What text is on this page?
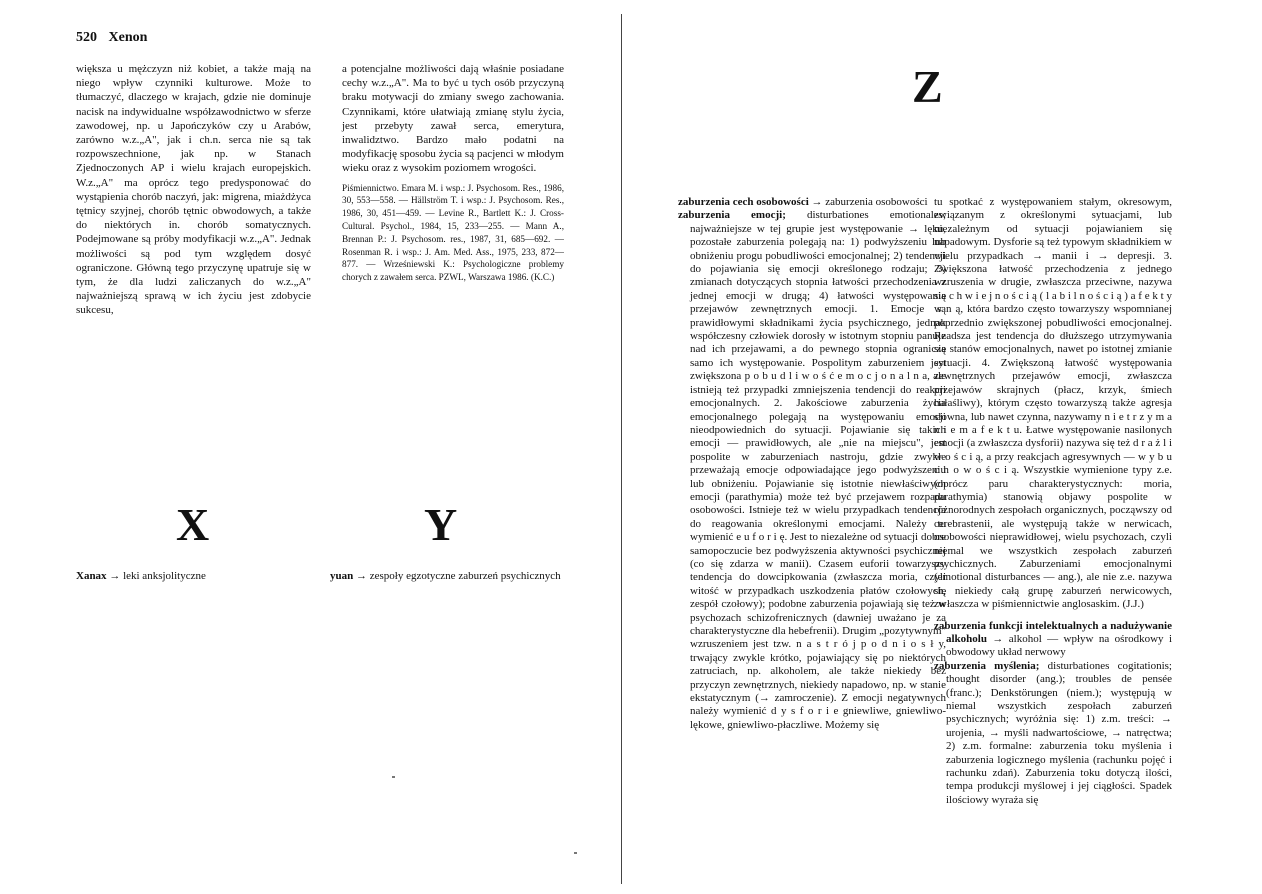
520 Xenon

większa u mężczyzn niż kobiet, a także mają na niego wpływ czynniki kulturowe. Może to tłumaczyć, dlaczego w krajach, gdzie nie dominuje nacisk na indywidualne współzawodnictwo w sferze zawodowej, np. u Japończyków czy u Arabów, zarówno w.z.„A", jak i ch.n. serca nie są tak rozpowszechnione, jak np. w Stanach Zjednoczonych AP i wielu krajach europejskich. W.z.„A" ma oprócz tego predysponować do wystąpienia chorób naczyń, jak: migrena, miażdżyca tętnicy szyjnej, chorób tętnic obwodowych, a także do niektórych in. chorób somatycznych. Podejmowane są próby modyfikacji w.z.„A". Jednak możliwości są pod tym względem dosyć ograniczone. Główną tego przyczynę upatruje się w tym, że dla ludzi zaliczanych do w.z.„A" najważniejszą sprawą w ich życiu jest zdobycie sukcesu,

a potencjalne możliwości dają właśnie posiadane cechy w.z.„A". Ma to być u tych osób przyczyną braku motywacji do zmiany swego zachowania. Czynnikami, które ułatwiają zmianę stylu życia, jest przebyty zawał serca, emerytura, inwalidztwo. Bardzo mało podatni na modyfikację sposobu życia są pacjenci w młodym wieku oraz z wysokim poziomem wrogości.

Piśmiennictwo. Emara M. i wsp.: J. Psychosom. Res., 1986, 30, 553—558. — Hällström T. i wsp.: J. Psychosom. Res., 1986, 30, 451—459. — Levine R., Bartlett K.: J. Cross-Cultural. Psychol., 1984, 15, 233—255. — Mann A., Brennan P.: J. Psychosom. res., 1987, 31, 685—692. — Rosenman R. i wsp.: J. Am. Med. Ass., 1975, 233, 872—877. — Wrześniewski K.: Psychologiczne problemy chorych z zawałem serca. PZWL, Warszawa 1986. (K.C.)

X

Xanax → leki anksjolityczne

Y

yuan → zespoły egzotyczne zaburzeń psychicznych

Z

zaburzenia cech osobowości → zaburzenia osobowości

zaburzenia emocji; disturbationes emotionales; najważniejsze w tej grupie jest występowanie → lęku, pozostałe zaburzenia polegają na: 1) podwyższeniu lub obniżeniu progu pobudliwości emocjonalnej; 2) tendencji do pojawiania się emocji określonego rodzaju; 3) zmianach dotyczących stopnia łatwości przechodzenia z jednej emocji w drugą; 4) łatwości występowania przejawów zewnętrznych emocji. 1. Emocje są prawidłowymi składnikami życia psychicznego, jednak współczesny człowiek dorosły w istotnym stopniu panuje nad ich przejawami, a do pewnego stopnia ogranicza samo ich występowanie. Pospolitym zaburzeniem jest zwiększona p o b u d l i w o ś ć e m o c j o n a l n a, ale istnieją też przypadki zmniejszenia tendencji do reakcji emocjonalnych. 2. Jakościowe zaburzenia życia emocjonalnego polegają na występowaniu emocji nieodpowiednich do sytuacji. Pojawianie się takich emocji — prawidłowych, ale „nie na miejscu", jest pospolite w zaburzeniach nastroju, gdzie zwykle przeważają emocje odpowiadające jego podwyższeniu lub obniżeniu. Pojawianie się istotnie niewłaściwych emocji (parathymia) może też być przejawem rozpadu osobowości. Istnieje też w wielu przypadkach tendencja do reagowania określonymi emocjami. Należy tu wymienić e u f o r i ę. Jest to niezależne od sytuacji dobre samopoczucie bez podwyższenia aktywności psychicznej (co się zdarza w manii). Czasem euforii towarzyszy tendencja do dowcipkowania (zwłaszcza moria, czyli witość w przypadkach uszkodzenia płatów czołowych, zespół czołowy); podobne zaburzenia pojawiają się też w psychozach schizofrenicznych (dawniej uważano je za charakterystyczne dla hebefrenii). Drugim „pozytywnym" wzruszeniem jest tzw. n a s t r ó j p o d n i o s ł y, trwający zwykle krótko, pojawiający się po niektórych zatruciach, np. alkoholem, ale także niekiedy bez przyczyn zewnętrznych, niekiedy napadowo, np. w stanie ekstatycznym (→ zamroczenie). Z emocji negatywnych należy wymienić d y s f o r i e gniewliwe, gniewliwo-lękowe, gniewliwo-płaczliwe. Możemy się

tu spotkać z występowaniem stałym, okresowym, związanym z określonymi sytuacjami, lub niezależnym od sytuacji pojawianiem się napadowym. Dysforie są też typowym składnikiem w wielu przypadkach → manii i → depresji. 3. Zwiększona łatwość przechodzenia z jednego wzruszenia w drugie, zwłaszcza przeciwne, nazywa się c h w i e j n o ś c i ą ( l a b i l n o ś c i ą ) a f e k t y w n ą, która bardzo często towarzyszy wspomnianej poprzednio zwiększonej pobudliwości emocjonalnej. Rzadsza jest tendencja do dłuższego utrzymywania się stanów emocjonalnych, nawet po istotnej zmianie sytuacji. 4. Zwiększoną łatwość występowania zewnętrznych przejawów emocji, zwłaszcza przejawów skrajnych (płacz, krzyk, śmiech hałaśliwy), którym często towarzyszą także agresja słowna, lub nawet czynna, nazywamy n i e t r z y m a n i e m a f e k t u. Łatwe występowanie nasilonych emocji (a zwłaszcza dysforii) nazywa się też d r a ż l i w o ś c i ą, a przy reakcjach agresywnych — w y b u c h o w o ś c i ą. Wszystkie wymienione typy z.e. (oprócz paru charakterystycznych: moria, parathymia) stanowią objawy pospolite w różnorodnych zespołach organicznych, począwszy od cerebrastenii, ale występują także w nerwicach, osobowości nieprawidłowej, wielu psychozach, czyli niemal we wszystkich zespołach zaburzeń psychicznych. Zaburzeniami emocjonalnymi (emotional disturbances — ang.), ale nie z.e. nazywa się niekiedy całą grupę zaburzeń nerwicowych, zwłaszcza w piśmiennictwie anglosaskim. (J.J.)

zaburzenia funkcji intelektualnych a nadużywanie alkoholu → alkohol — wpływ na ośrodkowy i obwodowy układ nerwowy

zaburzenia myślenia; disturbationes cogitationis; thought disorder (ang.); troubles de pensée (franc.); Denkstörungen (niem.); występują w niemal wszystkich zespołach zaburzeń psychicznych; wyróżnia się: 1) z.m. treści: → urojenia, → myśli nadwartościowe, → natręctwa; 2) z.m. formalne: zaburzenia toku myślenia i zaburzenia logicznego myślenia (rachunku pojęć i rachunku zdań). Zaburzenia toku dotyczą ilości, tempa produkcji myślowej i jej ciągłości. Spadek ilościowy wyraża się
